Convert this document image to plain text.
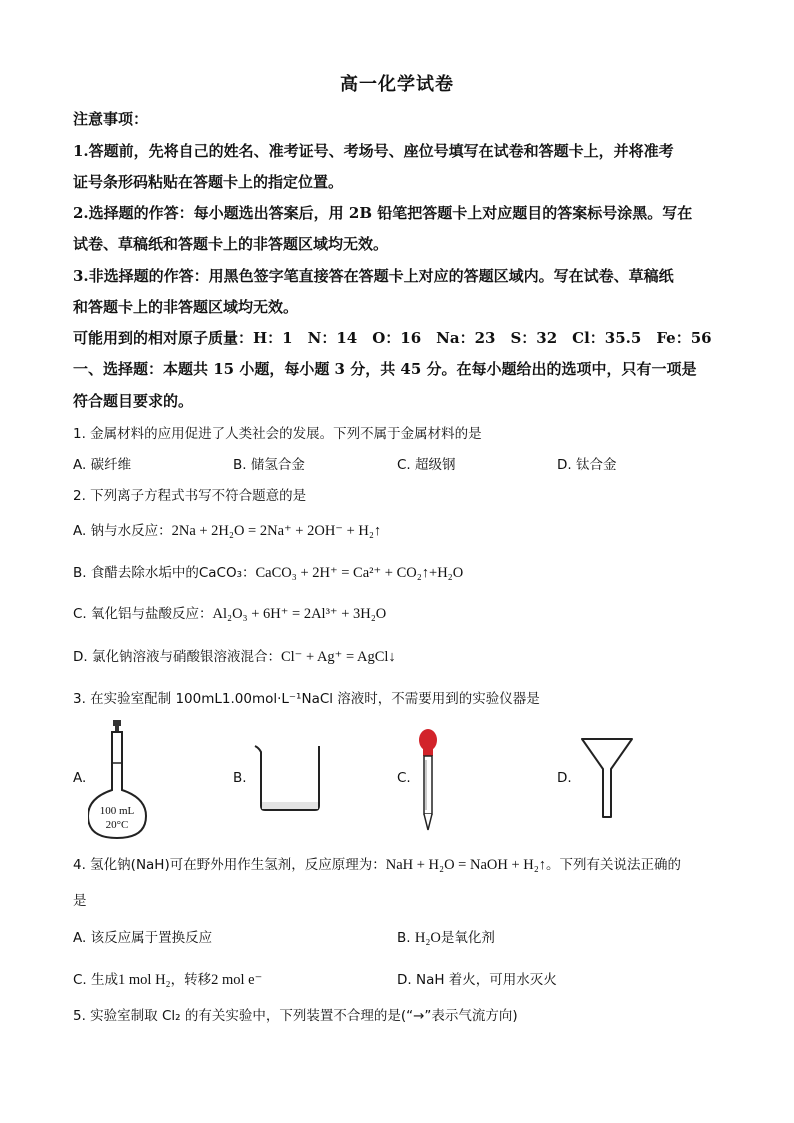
高一化学试卷
注意事项：
1.答题前，先将自己的姓名、准考证号、考场号、座位号填写在试卷和答题卡上，并将准考
证号条形码粘贴在答题卡上的指定位置。
2.选择题的作答：每小题选出答案后，用 2B 铅笔把答题卡上对应题目的答案标号涂黑。写在
试卷、草稿纸和答题卡上的非答题区域均无效。
3.非选择题的作答：用黑色签字笔直接答在答题卡上对应的答题区域内。写在试卷、草稿纸
和答题卡上的非答题区域均无效。
可能用到的相对原子质量：H：1　N：14　O：16　Na：23　S：32　Cl：35.5　Fe：56
一、选择题：本题共 15 小题，每小题 3 分，共 45 分。在每小题给出的选项中，只有一项是
符合题目要求的。
1. 金属材料的应用促进了人类社会的发展。下列不属于金属材料的是
A. 碳纤维	B. 储氢合金	C. 超级钢	D. 钛合金
2. 下列离子方程式书写不符合题意的是
A. 钠与水反应：2Na + 2H₂O = 2Na⁺ + 2OH⁻ + H₂↑
B. 食醋去除水垢中的CaCO₃：CaCO₃ + 2H⁺ = Ca²⁺ + CO₂↑+H₂O
C. 氧化铝与盐酸反应：Al₂O₃ + 6H⁺ = 2Al³⁺ + 3H₂O
D. 氯化钠溶液与硝酸银溶液混合：Cl⁻ + Ag⁺ = AgCl↓
3. 在实验室配制 100mL1.00mol·L⁻¹NaCl 溶液时，不需要用到的实验仪器是
A.
100 mL
20°C
B.	C.	D.
4. 氢化钠(NaH)可在野外用作生氢剂，反应原理为：NaH + H₂O = NaOH + H₂↑。下列有关说法正确的
是
A. 该反应属于置换反应	B. H₂O是氧化剂
C. 生成1 mol H₂，转移2 mol e⁻	D. NaH 着火，可用水灭火
5. 实验室制取 Cl₂ 的有关实验中，下列装置不合理的是(“→”表示气流方向)
